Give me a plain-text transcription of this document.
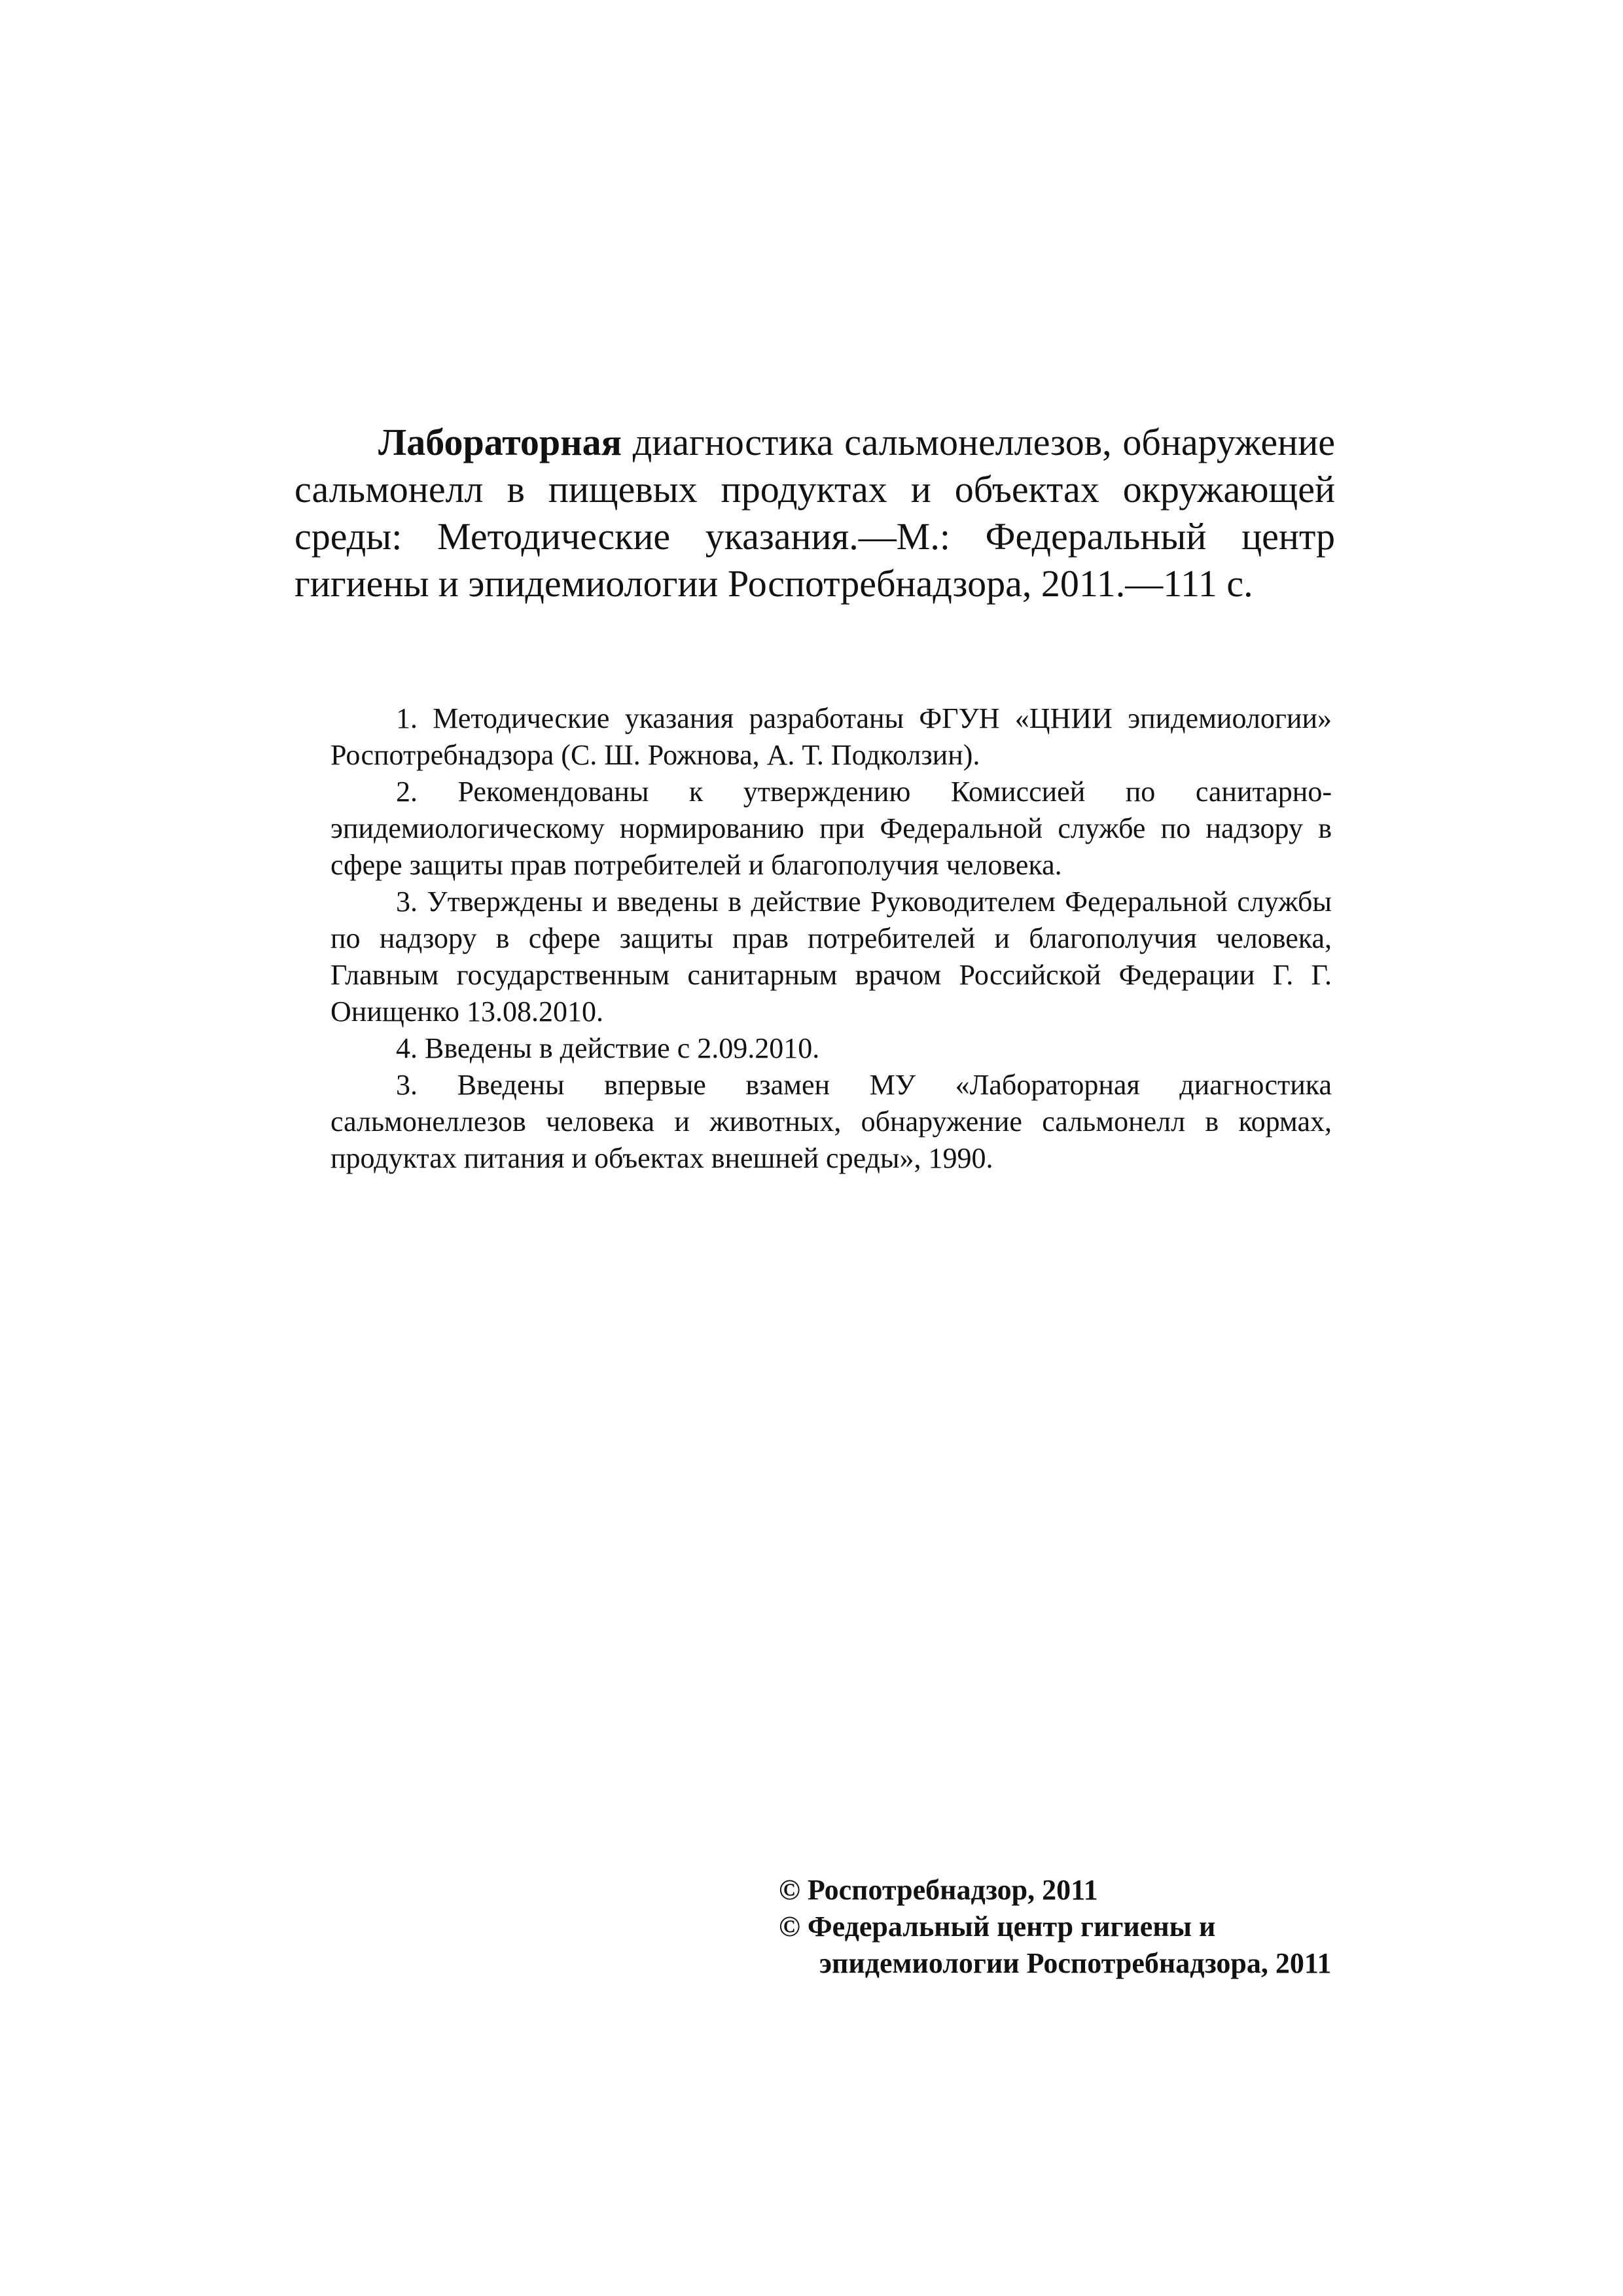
Лабораторная диагностика сальмонеллезов, обнаружение сальмонелл в пищевых продуктах и объектах окружающей среды: Методические указания.—М.: Федеральный центр гигиены и эпидемиологии Роспотребнадзора, 2011.—111 с.

1. Методические указания разработаны ФГУН «ЦНИИ эпидемиологии» Роспотребнадзора (С. Ш. Рожнова, А. Т. Подколзин).

2. Рекомендованы к утверждению Комиссией по санитарно-эпидемиологическому нормированию при Федеральной службе по надзору в сфере защиты прав потребителей и благополучия человека.

3. Утверждены и введены в действие Руководителем Федеральной службы по надзору в сфере защиты прав потребителей и благополучия человека, Главным государственным санитарным врачом Российской Федерации Г. Г. Онищенко 13.08.2010.

4. Введены в действие с 2.09.2010.

3. Введены впервые взамен МУ «Лабораторная диагностика сальмонеллезов человека и животных, обнаружение сальмонелл в кормах, продуктах питания и объектах внешней среды», 1990.

© Роспотребнадзор, 2011
© Федеральный центр гигиены и
эпидемиологии Роспотребнадзора, 2011
